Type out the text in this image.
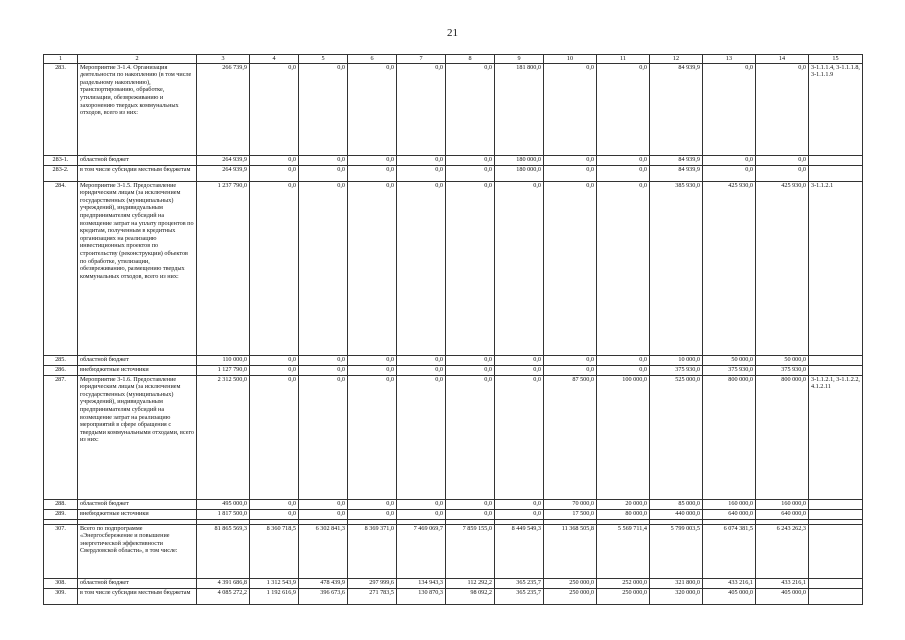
21
1	2	3	4	5	6	7	8	9	10	11	12	13	14	15
283.	Мероприятие 3-1.4. Организация деятельности по накоплению (в том числе раздельному накоплению), транспортированию, обработке, утилизации, обезвреживанию и захоронению твердых коммунальных отходов, всего из них:	266 739,9	0,0	0,0	0,0	0,0	0,0	181 800,0	0,0	0,0	84 939,9	0,0	0,0	3-1.1.1.4, 3-1.1.1.8, 3-1.1.1.9
283-1.	областной бюджет	264 939,9	0,0	0,0	0,0	0,0	0,0	180 000,0	0,0	0,0	84 939,9	0,0	0,0	
283-2.	в том числе субсидии местным бюджетам	264 939,9	0,0	0,0	0,0	0,0	0,0	180 000,0	0,0	0,0	84 939,9	0,0	0,0	
284.	Мероприятие 3-1.5. Предоставление юридическим лицам (за исключением государственных (муниципальных) учреждений), индивидуальным предпринимателям субсидий на возмещение затрат на уплату процентов по кредитам, полученным в кредитных организациях на реализацию инвестиционных проектов по строительству (реконструкции) объектов по обработке, утилизации, обезвреживанию, размещению твердых коммунальных отходов, всего из них:	1 237 790,0	0,0	0,0	0,0	0,0	0,0	0,0	0,0	0,0	385 930,0	425 930,0	425 930,0	3-1.1.2.1
285.	областной бюджет	110 000,0	0,0	0,0	0,0	0,0	0,0	0,0	0,0	0,0	10 000,0	50 000,0	50 000,0	
286.	внебюджетные источники	1 127 790,0	0,0	0,0	0,0	0,0	0,0	0,0	0,0	0,0	375 930,0	375 930,0	375 930,0	
287.	Мероприятие 3-1.6. Предоставление юридическим лицам (за исключением государственных (муниципальных) учреждений), индивидуальным предпринимателям субсидий на возмещение затрат на реализацию мероприятий в сфере обращения с твердыми коммунальными отходами, всего из них:	2 312 500,0	0,0	0,0	0,0	0,0	0,0	0,0	87 500,0	100 000,0	525 000,0	800 000,0	800 000,0	3-1.1.2.1, 3-1.1.2.2, 4.1.2.11
288.	областной бюджет	495 000,0	0,0	0,0	0,0	0,0	0,0	0,0	70 000,0	20 000,0	85 000,0	160 000,0	160 000,0	
289.	внебюджетные источники	1 817 500,0	0,0	0,0	0,0	0,0	0,0	0,0	17 500,0	80 000,0	440 000,0	640 000,0	640 000,0	

307.	Всего по подпрограмме «Энергосбережение и повышение энергетической эффективности Свердловской области», в том числе:	81 865 569,3	8 360 718,5	6 302 841,3	8 369 371,0	7 469 069,7	7 859 155,0	8 449 549,3	11 368 505,8	5 569 711,4	5 799 003,5	6 074 381,5	6 243 262,3	
308.	областной бюджет	4 391 686,8	1 312 543,9	478 439,9	297 999,6	134 943,3	112 292,2	365 235,7	250 000,0	252 000,0	321 800,0	433 216,1	433 216,1	
309.	в том числе субсидии местным бюджетам	4 085 272,2	1 192 616,9	396 673,6	271 783,5	130 870,3	98 092,2	365 235,7	250 000,0	250 000,0	320 000,0	405 000,0	405 000,0	
